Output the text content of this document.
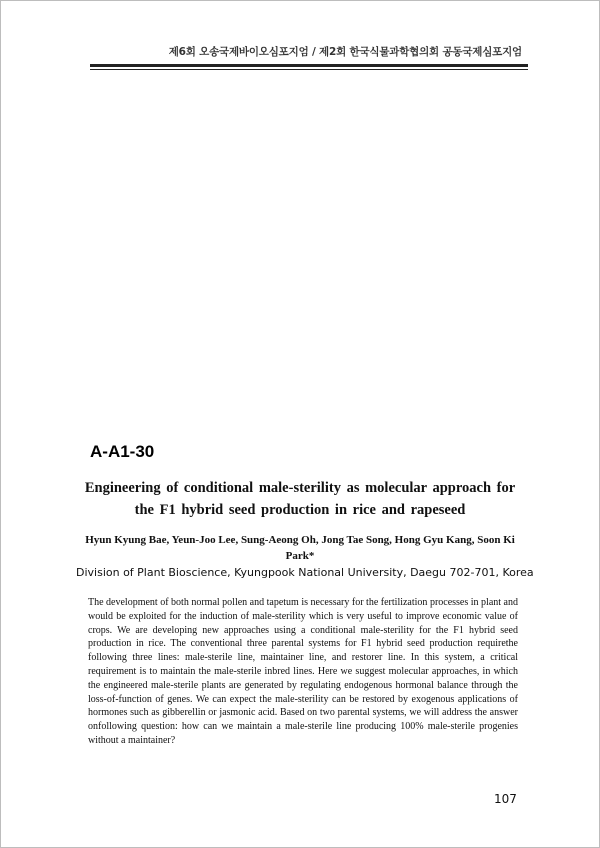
제6회 오송국제바이오심포지엄 / 제2회 한국식물과학협의회 공동국제심포지엄
A-A1-30
Engineering of conditional male-sterility as molecular approach for the F1 hybrid seed production in rice and rapeseed
Hyun Kyung Bae, Yeun-Joo Lee, Sung-Aeong Oh, Jong Tae Song, Hong Gyu Kang, Soon Ki Park*
Division of Plant Bioscience, Kyungpook National University, Daegu 702-701, Korea

The development of both normal pollen and tapetum is necessary for the fertilization processes in plant and would be exploited for the induction of male-sterility which is very useful to improve economic value of crops. We are developing new approaches using a conditional male-sterility for the F1 hybrid seed production in rice. The conventional three parental systems for F1 hybrid seed production requirethe following three lines: male-sterile line, maintainer line, and restorer line. In this system, a critical requirement is to maintain the male-sterile inbred lines. Here we suggest molecular approaches, in which the engineered male-sterile plants are generated by regulating endogenous hormonal balance through the loss-of-function of genes. We can expect the male-sterility can be restored by exogenous applications of hormones such as gibberellin or jasmonic acid. Based on two parental systems, we will address the answer onfollowing question: how can we maintain a male-sterile line producing 100% male-sterile progenies without a maintainer?

107
